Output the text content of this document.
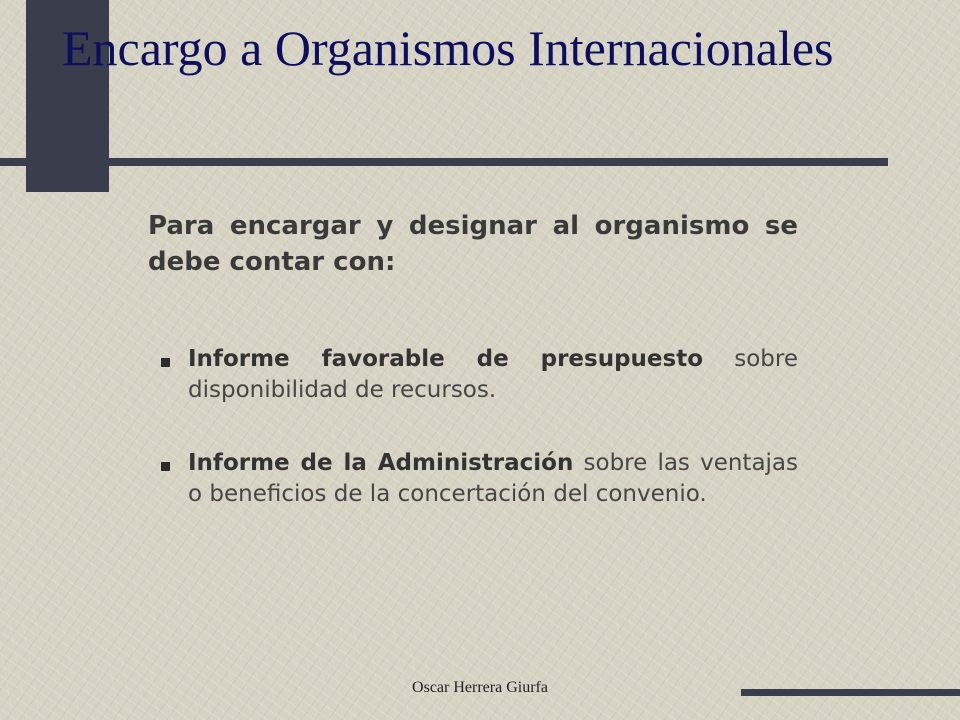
Encargo a Organismos Internacionales

Para encargar y designar al organismo se debe contar con:

Informe favorable de presupuesto sobre disponibilidad de recursos.
Informe de la Administración sobre las ventajas o beneficios de la concertación del convenio.
Oscar Herrera Giurfa
